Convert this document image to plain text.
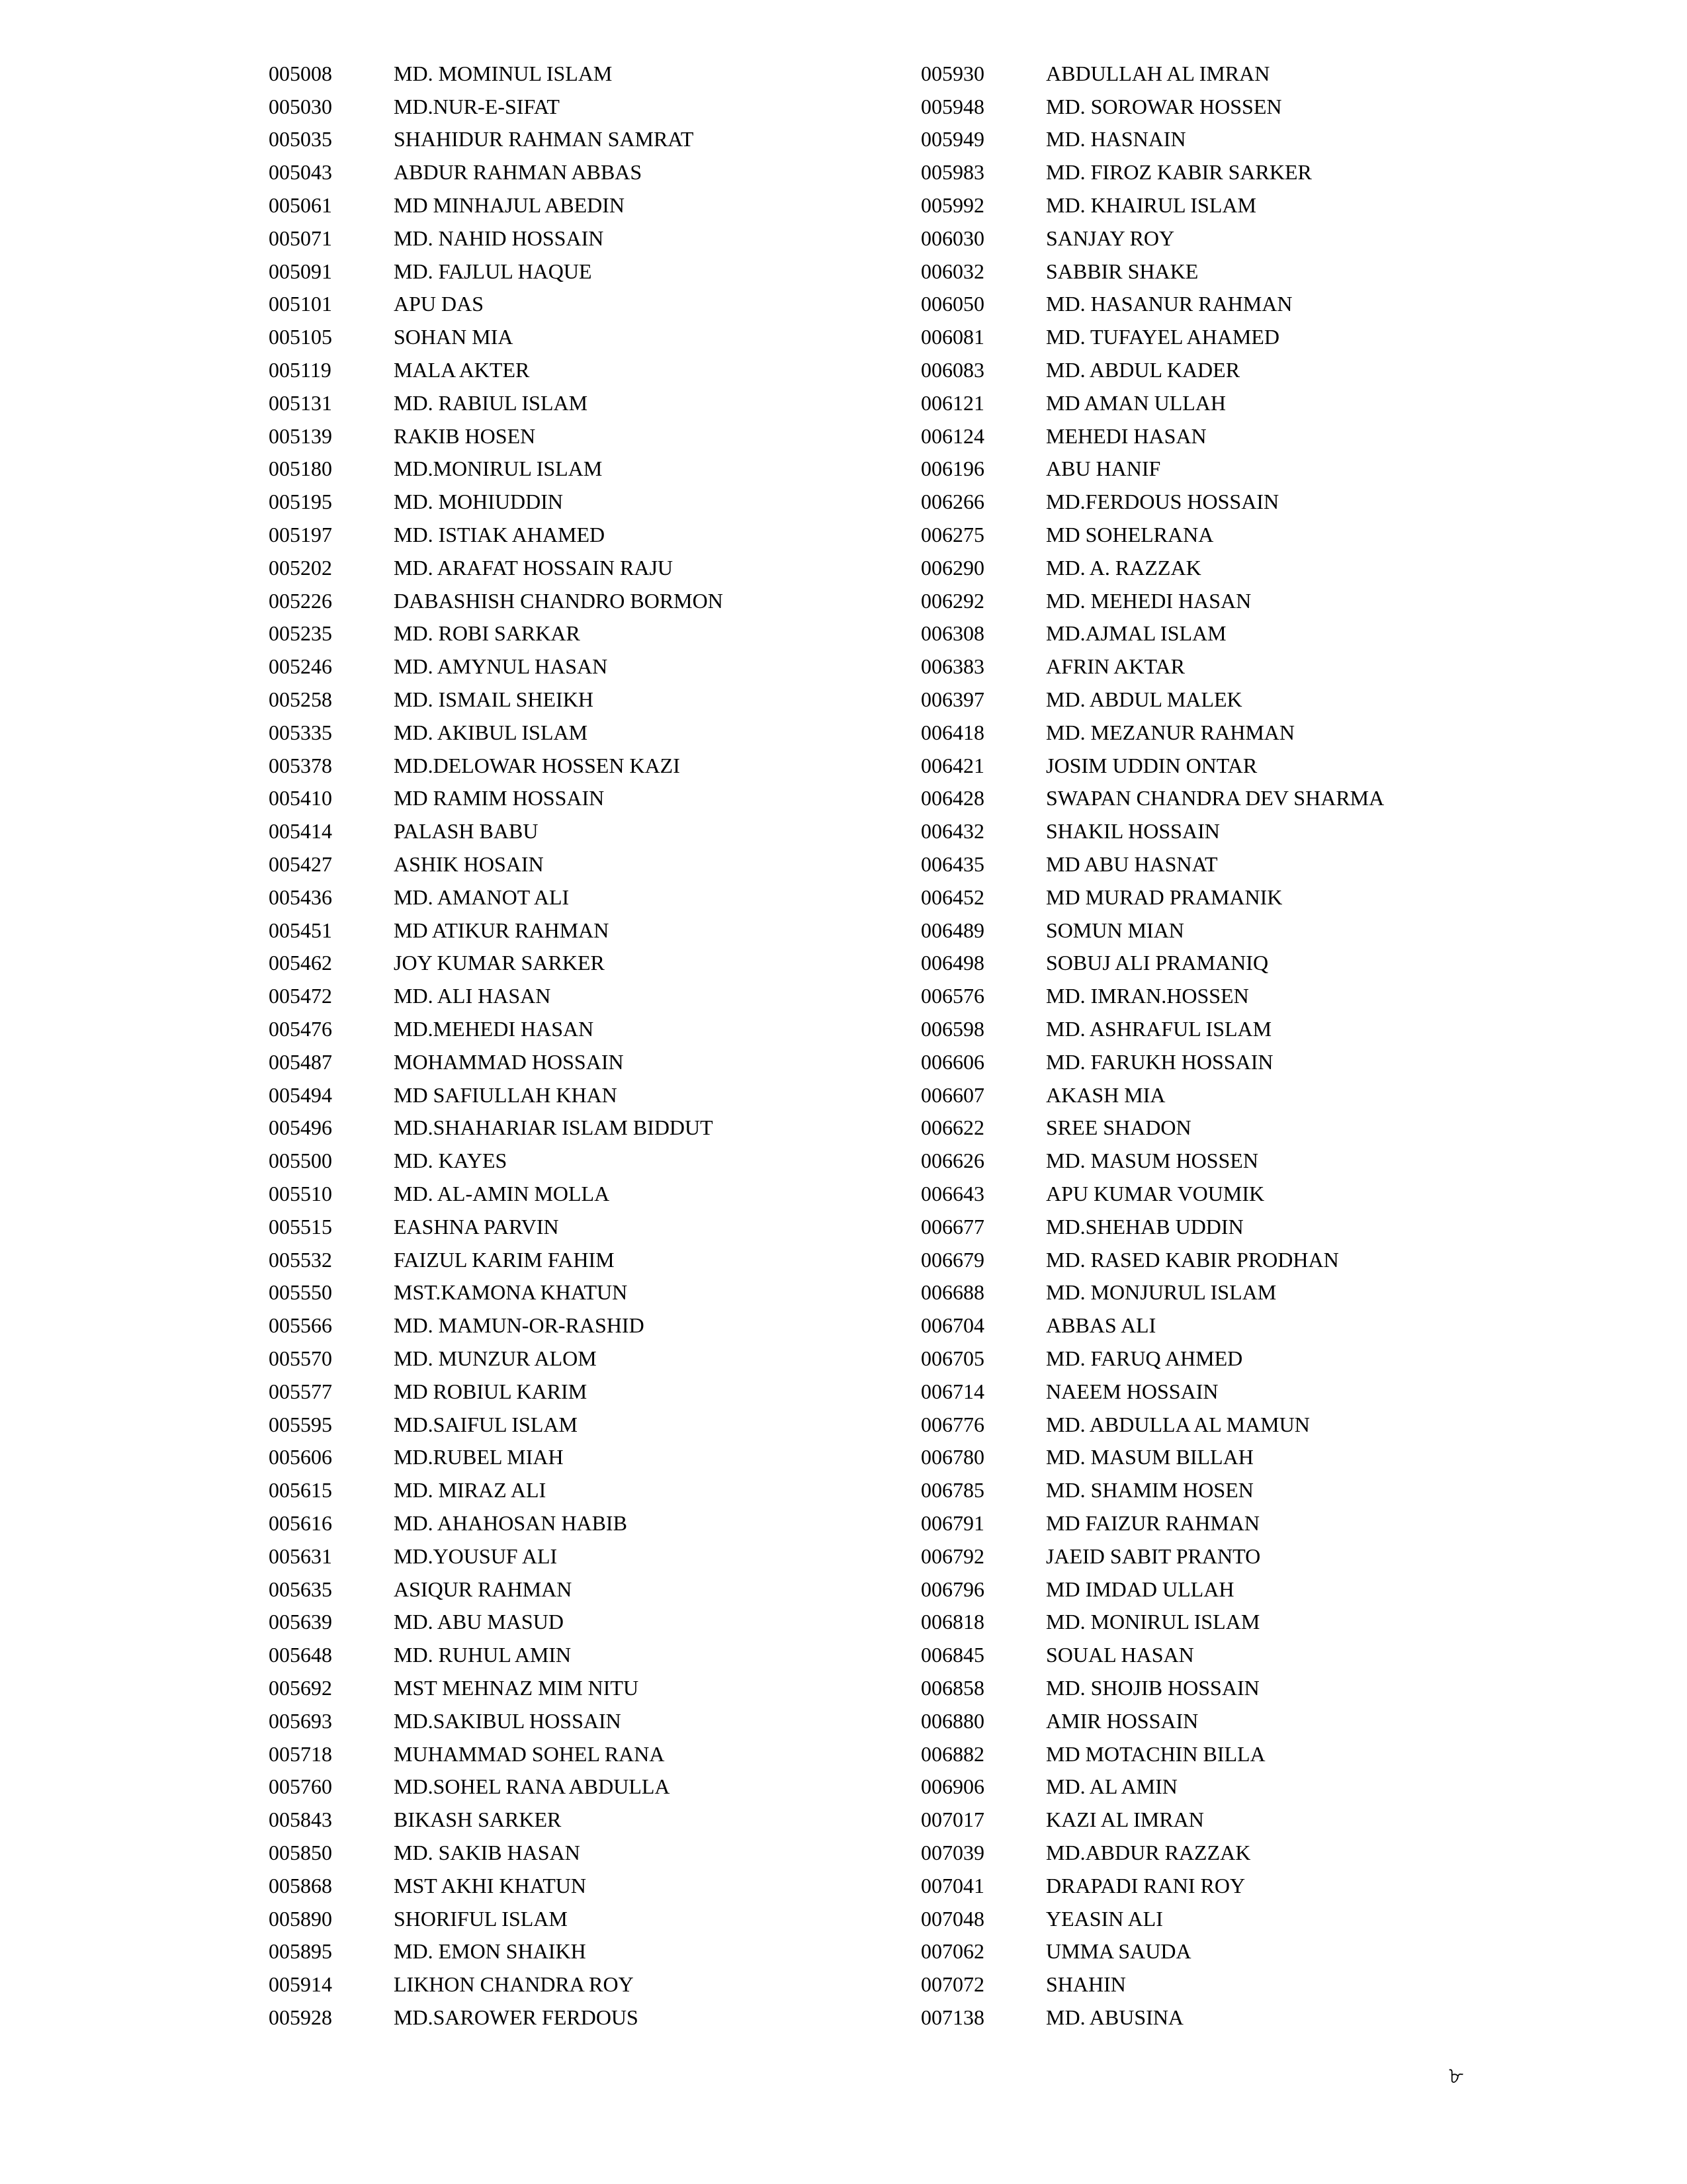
005008	MD. MOMINUL ISLAM
005030	MD.NUR-E-SIFAT
005035	SHAHIDUR RAHMAN SAMRAT
005043	ABDUR RAHMAN ABBAS
005061	MD MINHAJUL ABEDIN
005071	MD. NAHID HOSSAIN
005091	MD. FAJLUL HAQUE
005101	APU DAS
005105	SOHAN MIA
005119	MALA AKTER
005131	MD. RABIUL ISLAM
005139	RAKIB HOSEN
005180	MD.MONIRUL ISLAM
005195	MD. MOHIUDDIN
005197	MD. ISTIAK AHAMED
005202	MD. ARAFAT HOSSAIN RAJU
005226	DABASHISH CHANDRO BORMON
005235	MD. ROBI SARKAR
005246	MD. AMYNUL HASAN
005258	MD. ISMAIL SHEIKH
005335	MD. AKIBUL ISLAM
005378	MD.DELOWAR HOSSEN KAZI
005410	MD RAMIM HOSSAIN
005414	PALASH BABU
005427	ASHIK HOSAIN
005436	MD. AMANOT ALI
005451	MD ATIKUR RAHMAN
005462	JOY KUMAR SARKER
005472	MD. ALI HASAN
005476	MD.MEHEDI HASAN
005487	MOHAMMAD HOSSAIN
005494	MD SAFIULLAH KHAN
005496	MD.SHAHARIAR ISLAM BIDDUT
005500	MD. KAYES
005510	MD. AL-AMIN MOLLA
005515	EASHNA PARVIN
005532	FAIZUL KARIM FAHIM
005550	MST.KAMONA KHATUN
005566	MD. MAMUN-OR-RASHID
005570	MD. MUNZUR ALOM
005577	MD ROBIUL KARIM
005595	MD.SAIFUL ISLAM
005606	MD.RUBEL MIAH
005615	MD. MIRAZ ALI
005616	MD. AHAHOSAN HABIB
005631	MD.YOUSUF ALI
005635	ASIQUR RAHMAN
005639	MD. ABU MASUD
005648	MD. RUHUL AMIN
005692	MST MEHNAZ MIM NITU
005693	MD.SAKIBUL HOSSAIN
005718	MUHAMMAD SOHEL RANA
005760	MD.SOHEL RANA ABDULLA
005843	BIKASH SARKER
005850	MD. SAKIB HASAN
005868	MST AKHI KHATUN
005890	SHORIFUL ISLAM
005895	MD. EMON SHAIKH
005914	LIKHON CHANDRA ROY
005928	MD.SAROWER FERDOUS
005930	ABDULLAH AL IMRAN
005948	MD. SOROWAR HOSSEN
005949	MD. HASNAIN
005983	MD. FIROZ KABIR SARKER
005992	MD. KHAIRUL ISLAM
006030	SANJAY ROY
006032	SABBIR SHAKE
006050	MD. HASANUR RAHMAN
006081	MD. TUFAYEL AHAMED
006083	MD. ABDUL KADER
006121	MD AMAN ULLAH
006124	MEHEDI HASAN
006196	ABU HANIF
006266	MD.FERDOUS HOSSAIN
006275	MD SOHELRANA
006290	MD. A. RAZZAK
006292	MD. MEHEDI HASAN
006308	MD.AJMAL ISLAM
006383	AFRIN AKTAR
006397	MD. ABDUL MALEK
006418	MD. MEZANUR RAHMAN
006421	JOSIM UDDIN ONTAR
006428	SWAPAN CHANDRA DEV SHARMA
006432	SHAKIL HOSSAIN
006435	MD ABU HASNAT
006452	MD MURAD PRAMANIK
006489	SOMUN MIAN
006498	SOBUJ ALI PRAMANIQ
006576	MD. IMRAN.HOSSEN
006598	MD. ASHRAFUL ISLAM
006606	MD. FARUKH HOSSAIN
006607	AKASH MIA
006622	SREE SHADON
006626	MD. MASUM HOSSEN
006643	APU KUMAR VOUMIK
006677	MD.SHEHAB UDDIN
006679	MD. RASED KABIR PRODHAN
006688	MD. MONJURUL ISLAM
006704	ABBAS ALI
006705	MD. FARUQ AHMED
006714	NAEEM HOSSAIN
006776	MD. ABDULLA AL MAMUN
006780	MD. MASUM BILLAH
006785	MD. SHAMIM HOSEN
006791	MD FAIZUR RAHMAN
006792	JAEID SABIT PRANTO
006796	MD IMDAD ULLAH
006818	MD. MONIRUL ISLAM
006845	SOUAL HASAN
006858	MD. SHOJIB HOSSAIN
006880	AMIR HOSSAIN
006882	MD MOTACHIN BILLA
006906	MD. AL AMIN
007017	KAZI AL IMRAN
007039	MD.ABDUR RAZZAK
007041	DRAPADI RANI ROY
007048	YEASIN ALI
007062	UMMA SAUDA
007072	SHAHIN
007138	MD. ABUSINA
৮
